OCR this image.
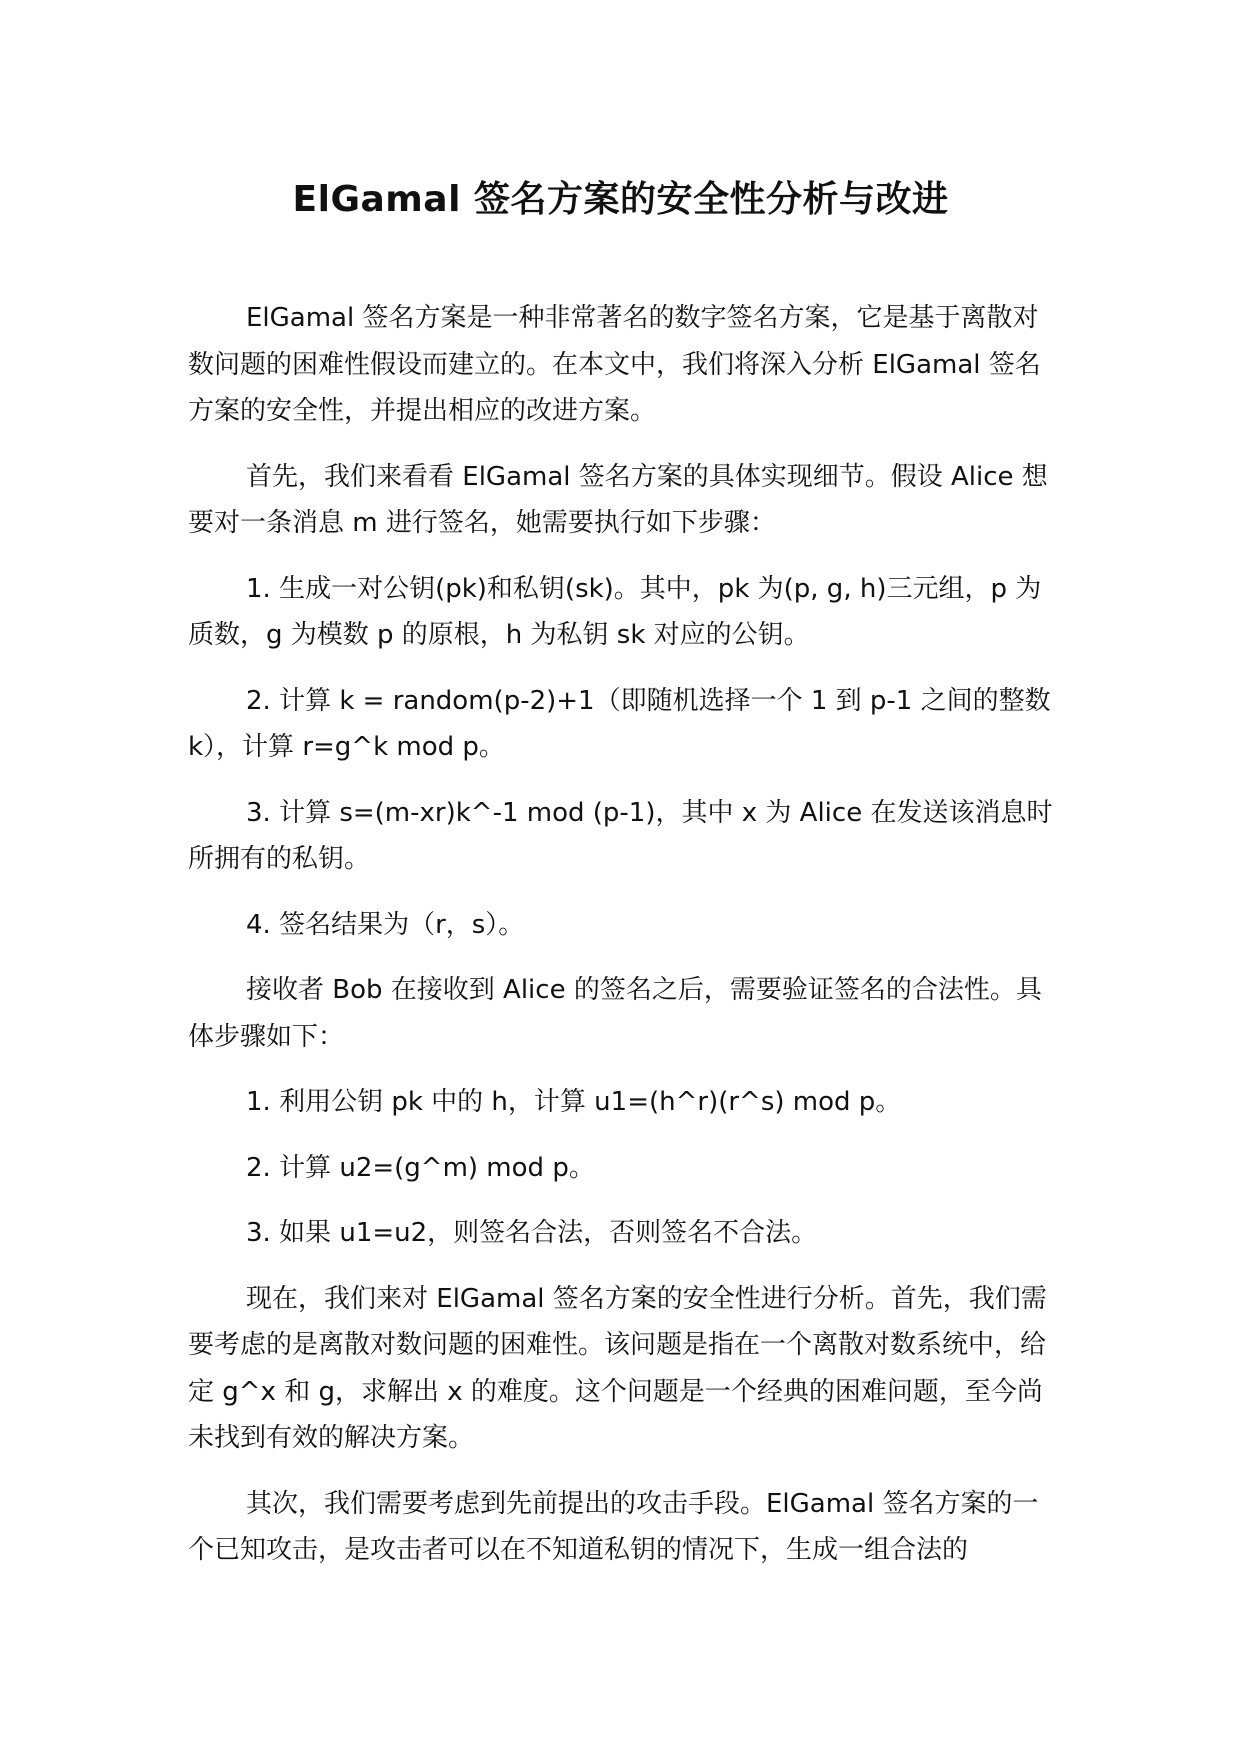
ElGamal 签名方案的安全性分析与改进

ElGamal 签名方案是一种非常著名的数字签名方案，它是基于离散对数问题的困难性假设而建立的。在本文中，我们将深入分析 ElGamal 签名方案的安全性，并提出相应的改进方案。

首先，我们来看看 ElGamal 签名方案的具体实现细节。假设 Alice 想要对一条消息 m 进行签名，她需要执行如下步骤：

1. 生成一对公钥(pk)和私钥(sk)。其中，pk 为(p, g, h)三元组，p 为质数，g 为模数 p 的原根，h 为私钥 sk 对应的公钥。

2. 计算 k = random(p-2)+1（即随机选择一个 1 到 p-1 之间的整数 k），计算 r=g^k mod p。

3. 计算 s=(m-xr)k^-1 mod (p-1)，其中 x 为 Alice 在发送该消息时所拥有的私钥。

4. 签名结果为（r，s）。

接收者 Bob 在接收到 Alice 的签名之后，需要验证签名的合法性。具体步骤如下：

1. 利用公钥 pk 中的 h，计算 u1=(h^r)(r^s) mod p。

2. 计算 u2=(g^m) mod p。

3. 如果 u1=u2，则签名合法，否则签名不合法。

现在，我们来对 ElGamal 签名方案的安全性进行分析。首先，我们需要考虑的是离散对数问题的困难性。该问题是指在一个离散对数系统中，给定 g^x 和 g，求解出 x 的难度。这个问题是一个经典的困难问题，至今尚未找到有效的解决方案。

其次，我们需要考虑到先前提出的攻击手段。ElGamal 签名方案的一个已知攻击，是攻击者可以在不知道私钥的情况下，生成一组合法的
